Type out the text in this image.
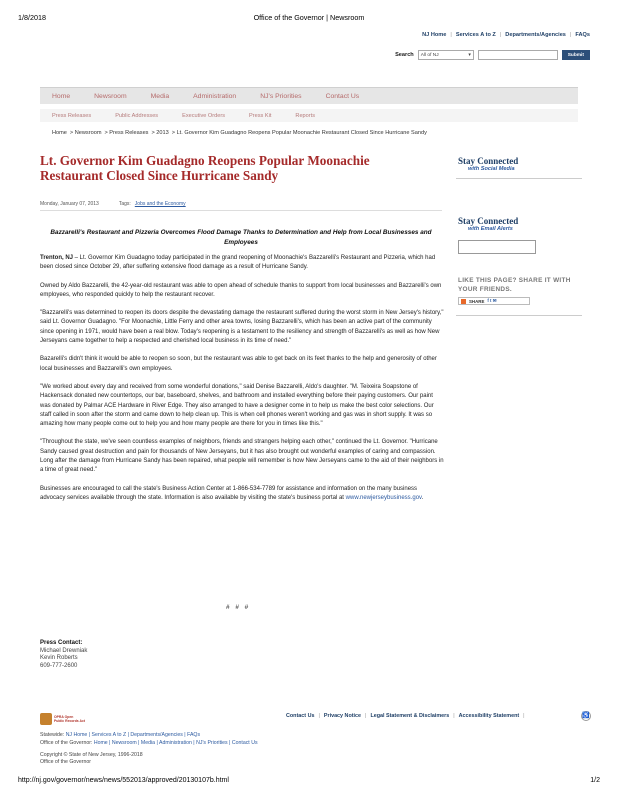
1/8/2018	Office of the Governor | Newsroom
NJ Home | Services A to Z | Departments/Agencies | FAQs
Search All of NJ	▾	Submit
Home	Newsroom	Media	Administration	NJ's Priorities	Contact Us
Press Releases	Public Addresses	Executive Orders	Press Kit	Reports
Home > Newsroom > Press Releases > 2013 > Lt. Governor Kim Guadagno Reopens Popular Moonachie Restaurant Closed Since Hurricane Sandy
Lt. Governor Kim Guadagno Reopens Popular Moonachie Restaurant Closed Since Hurricane Sandy
Monday, January 07, 2013	Tags: Jobs and the Economy
Bazzarelli's Restaurant and Pizzeria Overcomes Flood Damage Thanks to Determination and Help from Local Businesses and Employees

Trenton, NJ – Lt. Governor Kim Guadagno today participated in the grand reopening of Moonachie's Bazzarelli's Restaurant and Pizzeria, which had been closed since October 29, after suffering extensive flood damage as a result of Hurricane Sandy.

Owned by Aldo Bazzarelli, the 42-year-old restaurant was able to open ahead of schedule thanks to support from local businesses and Bazzarelli's own employees, who responded quickly to help the restaurant recover.

"Bazzarelli's was determined to reopen its doors despite the devastating damage the restaurant suffered during the worst storm in New Jersey's history," said Lt. Governor Guadagno. "For Moonachie, Little Ferry and other area towns, losing Bazzarelli's, which has been an active part of the community since opening in 1971, would have been a real blow. Today's reopening is a testament to the resiliency and strength of Bazzarelli's as well as how New Jerseyans came together to help a respected and cherished local business in its time of need."

Bazarelli's didn't think it would be able to reopen so soon, but the restaurant was able to get back on its feet thanks to the help and generosity of other local businesses and Bazzarelli's own employees.

"We worked about every day and received from some wonderful donations," said Denise Bazzarelli, Aldo's daughter. "M. Teixeira Soapstone of Hackensack donated new countertops, our bar, baseboard, shelves, and bathroom and installed everything before their paying customers. Our paint was donated by Palmar ACE Hardware in River Edge. They also arranged to have a designer come in to help us make the best color selections. Our staff called in soon after the storm and came down to help clean up. This is when cell phones weren't working and gas was in short supply. It was so amazing how many people come out to help you and how many people are there for you in times like this."

"Throughout the state, we've seen countless examples of neighbors, friends and strangers helping each other," continued the Lt. Governor. "Hurricane Sandy caused great destruction and pain for thousands of New Jerseyans, but it has also brought out wonderful examples of caring and compassion. Long after the damage from Hurricane Sandy has been repaired, what people will remember is how New Jerseyans came to the aid of their neighbors in a time of great need."

Businesses are encouraged to call the state's Business Action Center at 1-866-534-7789 for assistance and information on the many business advocacy services available through the state. Information is also available by visiting the state's business portal at www.newjerseybusiness.gov.

# # #
Press Contact:
Michael Drewniak
Kevin Roberts
609-777-2600
Stay Connected
with Social Media
Stay Connected
with Email Alerts
LIKE THIS PAGE? SHARE IT WITH YOUR FRIENDS.
SHARE f t ✉
OPRA Open
Public Records Act
Contact Us | Privacy Notice | Legal Statement & Disclaimers | Accessibility Statement |	♿
Statewide: NJ Home | Services A to Z | Departments/Agencies | FAQs
Office of the Governor: Home | Newsroom | Media | Administration | NJ's Priorities | Contact Us
Copyright © State of New Jersey, 1996-2018
Office of the Governor
http://nj.gov/governor/news/news/552013/approved/20130107b.html	1/2
